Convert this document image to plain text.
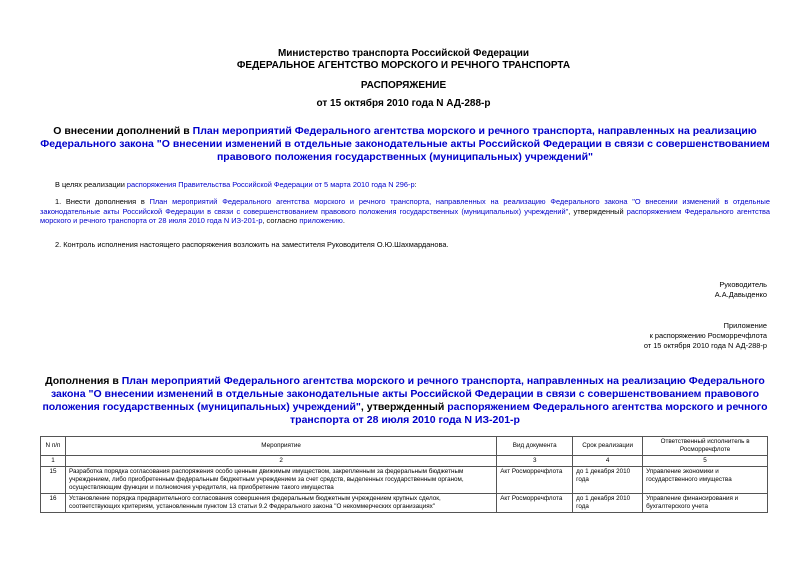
Министерство транспорта Российской Федерации
ФЕДЕРАЛЬНОЕ АГЕНТСТВО МОРСКОГО И РЕЧНОГО ТРАНСПОРТА
РАСПОРЯЖЕНИЕ
от 15 октября 2010 года N АД-288-р
О внесении дополнений в План мероприятий Федерального агентства морского и речного транспорта, направленных на реализацию Федерального закона "О внесении изменений в отдельные законодательные акты Российской Федерации в связи с совершенствованием правового положения государственных (муниципальных) учреждений"
В целях реализации распоряжения Правительства Российской Федерации от 5 марта 2010 года N 296-р:
1. Внести дополнения в План мероприятий Федерального агентства морского и речного транспорта, направленных на реализацию Федерального закона "О внесении изменений в отдельные законодательные акты Российской Федерации в связи с совершенствованием правового положения государственных (муниципальных) учреждений", утвержденный распоряжением Федерального агентства морского и речного транспорта от 28 июля 2010 года N ИЗ-201-р, согласно приложению.
2. Контроль исполнения настоящего распоряжения возложить на заместителя Руководителя О.Ю.Шахмарданова.
Руководитель
А.А.Давыденко
Приложение
к распоряжению Росморречфлота
от 15 октября 2010 года N АД-288-р
Дополнения в План мероприятий Федерального агентства морского и речного транспорта, направленных на реализацию Федерального закона "О внесении изменений в отдельные законодательные акты Российской Федерации в связи с совершенствованием правового положения государственных (муниципальных) учреждений", утвержденный распоряжением Федерального агентства морского и речного транспорта от 28 июля 2010 года N ИЗ-201-р
N п/п	Мероприятие	Вид документа	Срок реализации	Ответственный исполнитель в Росморречфлоте
1	2	3	4	5
15	Разработка порядка согласования распоряжения особо ценным движимым имуществом, закрепленным за федеральным бюджетным учреждением, либо приобретенным федеральным бюджетным учреждением за счет средств, выделенных государственным органом, осуществляющим функции и полномочия учредителя, на приобретение такого имущества	Акт Росморречфлота	до 1 декабря 2010 года	Управление экономики и государственного имущества
16	Установление порядка предварительного согласования совершения федеральным бюджетным учреждением крупных сделок, соответствующих критериям, установленным пунктом 13 статьи 9.2 Федерального закона "О некоммерческих организациях"	Акт Росморречфлота	до 1 декабря 2010 года	Управление финансирования и бухгалтерского учета
